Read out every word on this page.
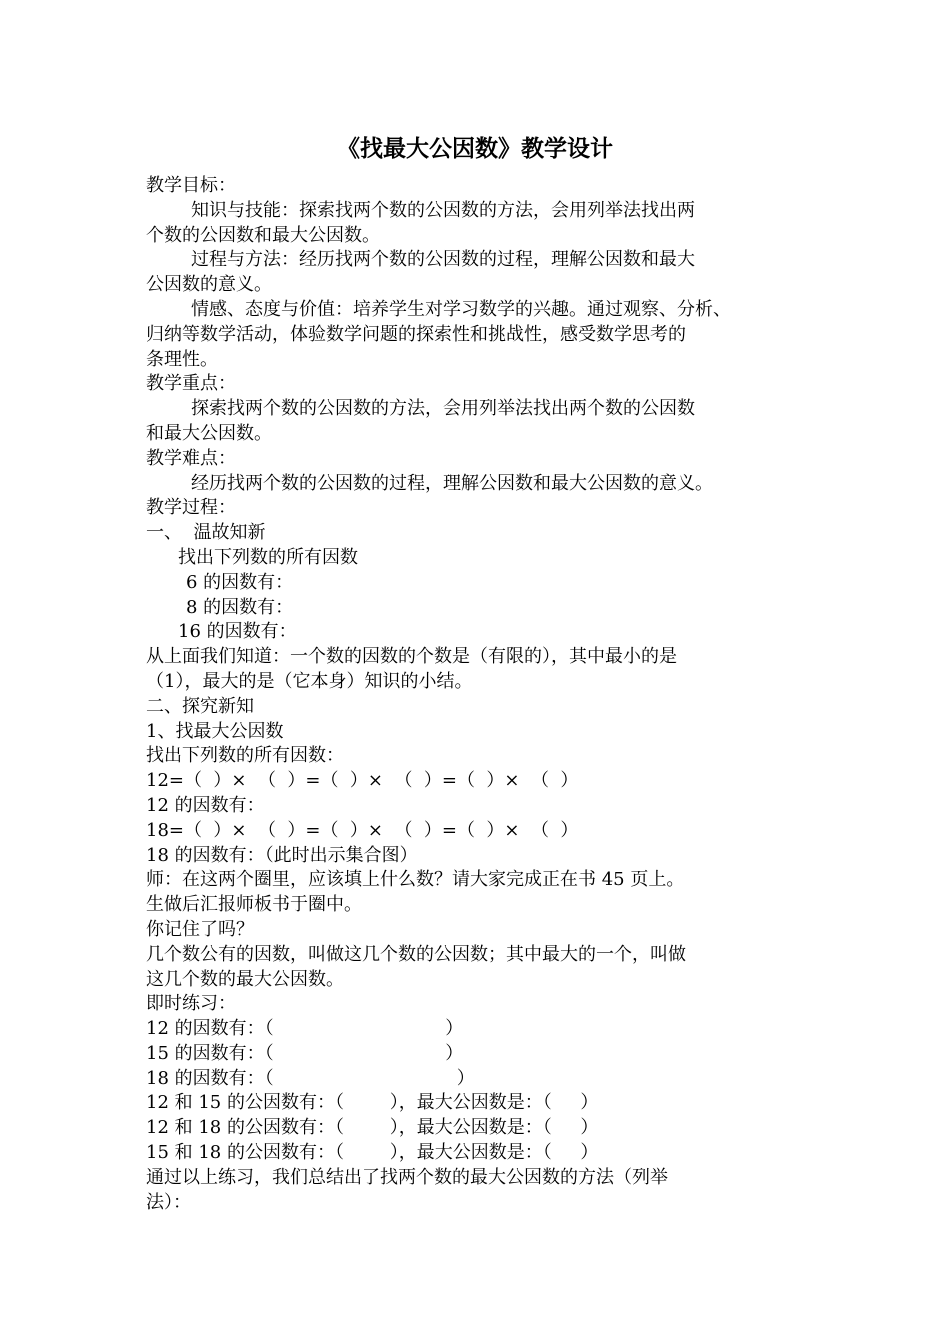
《找最大公因数》教学设计
教学目标：
知识与技能：探索找两个数的公因数的方法，会用列举法找出两
个数的公因数和最大公因数。
过程与方法：经历找两个数的公因数的过程，理解公因数和最大
公因数的意义。
情感、态度与价值：培养学生对学习数学的兴趣。通过观察、分析、
归纳等数学活动，体验数学问题的探索性和挑战性，感受数学思考的
条理性。
教学重点：
探索找两个数的公因数的方法，会用列举法找出两个数的公因数
和最大公因数。
教学难点：
经历找两个数的公因数的过程，理解公因数和最大公因数的意义。
教学过程：
一、  温故知新
找出下列数的所有因数
6 的因数有：
8 的因数有：
16 的因数有：
从上面我们知道：一个数的因数的个数是（有限的），其中最小的是
（1），最大的是（它本身）知识的小结。
二、探究新知
1、找最大公因数
找出下列数的所有因数：
12=（  ）×  （  ）=（  ）×  （  ）=（  ）×  （  ）
12 的因数有：
18=（  ）×  （  ）=（  ）×  （  ）=（  ）×  （  ）
18 的因数有：（此时出示集合图）
师：在这两个圈里，应该填上什么数？请大家完成正在书 45 页上。
生做后汇报师板书于圈中。
你记住了吗？
几个数公有的因数，叫做这几个数的公因数；其中最大的一个，叫做
这几个数的最大公因数。
即时练习：
12 的因数有：（                              ）
15 的因数有：（                              ）
18 的因数有：（                                ）
12 和 15 的公因数有：（        ），最大公因数是：（     ）
12 和 18 的公因数有：（        ），最大公因数是：（     ）
15 和 18 的公因数有：（        ），最大公因数是：（     ）
通过以上练习，我们总结出了找两个数的最大公因数的方法（列举
法）：
